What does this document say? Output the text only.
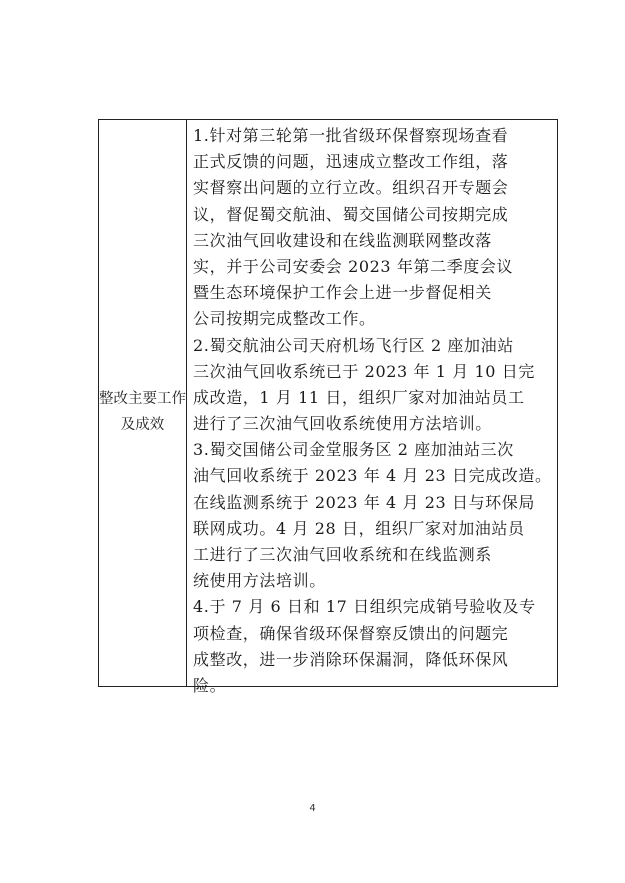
整改主要工作
及成效
1.针对第三轮第一批省级环保督察现场查看
正式反馈的问题，迅速成立整改工作组，落
实督察出问题的立行立改。组织召开专题会
议，督促蜀交航油、蜀交国储公司按期完成
三次油气回收建设和在线监测联网整改落
实，并于公司安委会 2023 年第二季度会议
暨生态环境保护工作会上进一步督促相关
公司按期完成整改工作。
2.蜀交航油公司天府机场飞行区 2 座加油站
三次油气回收系统已于 2023 年 1 月 10 日完
成改造，1 月 11 日，组织厂家对加油站员工
进行了三次油气回收系统使用方法培训。
3.蜀交国储公司金堂服务区 2 座加油站三次
油气回收系统于 2023 年 4 月 23 日完成改造。
在线监测系统于 2023 年 4 月 23 日与环保局
联网成功。4 月 28 日，组织厂家对加油站员
工进行了三次油气回收系统和在线监测系
统使用方法培训。
4.于 7 月 6 日和 17 日组织完成销号验收及专
项检查，确保省级环保督察反馈出的问题完
成整改，进一步消除环保漏洞，降低环保风
险。
4
